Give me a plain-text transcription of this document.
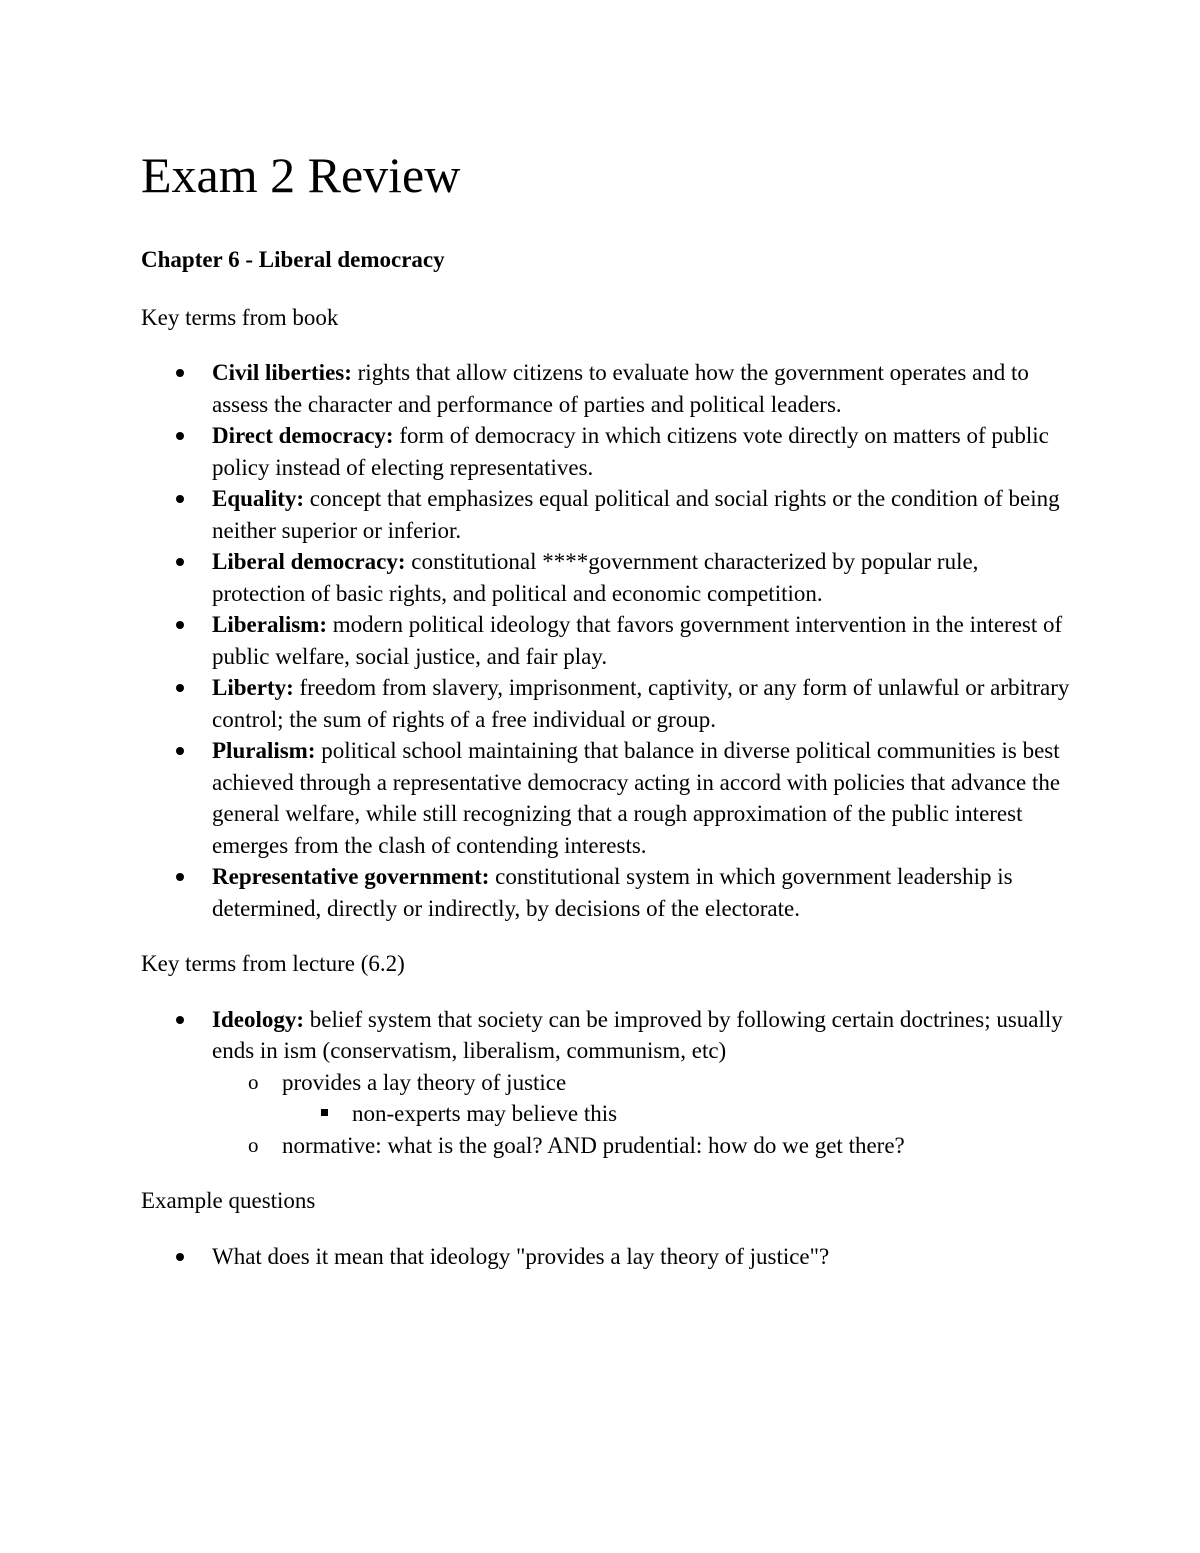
Exam 2 Review

Chapter 6 - Liberal democracy

Key terms from book

Civil liberties: rights that allow citizens to evaluate how the government operates and to assess the character and performance of parties and political leaders.
Direct democracy: form of democracy in which citizens vote directly on matters of public policy instead of electing representatives.
Equality: concept that emphasizes equal political and social rights or the condition of being neither superior or inferior.
Liberal democracy: constitutional ****government characterized by popular rule, protection of basic rights, and political and economic competition.
Liberalism: modern political ideology that favors government intervention in the interest of public welfare, social justice, and fair play.
Liberty: freedom from slavery, imprisonment, captivity, or any form of unlawful or arbitrary control; the sum of rights of a free individual or group.
Pluralism: political school maintaining that balance in diverse political communities is best achieved through a representative democracy acting in accord with policies that advance the general welfare, while still recognizing that a rough approximation of the public interest emerges from the clash of contending interests.
Representative government: constitutional system in which government leadership is determined, directly or indirectly, by decisions of the electorate.

Key terms from lecture (6.2)

Ideology: belief system that society can be improved by following certain doctrines; usually ends in ism (conservatism, liberalism, communism, etc)
o provides a lay theory of justice
non-experts may believe this
o normative: what is the goal? AND prudential: how do we get there?

Example questions

What does it mean that ideology "provides a lay theory of justice"?
